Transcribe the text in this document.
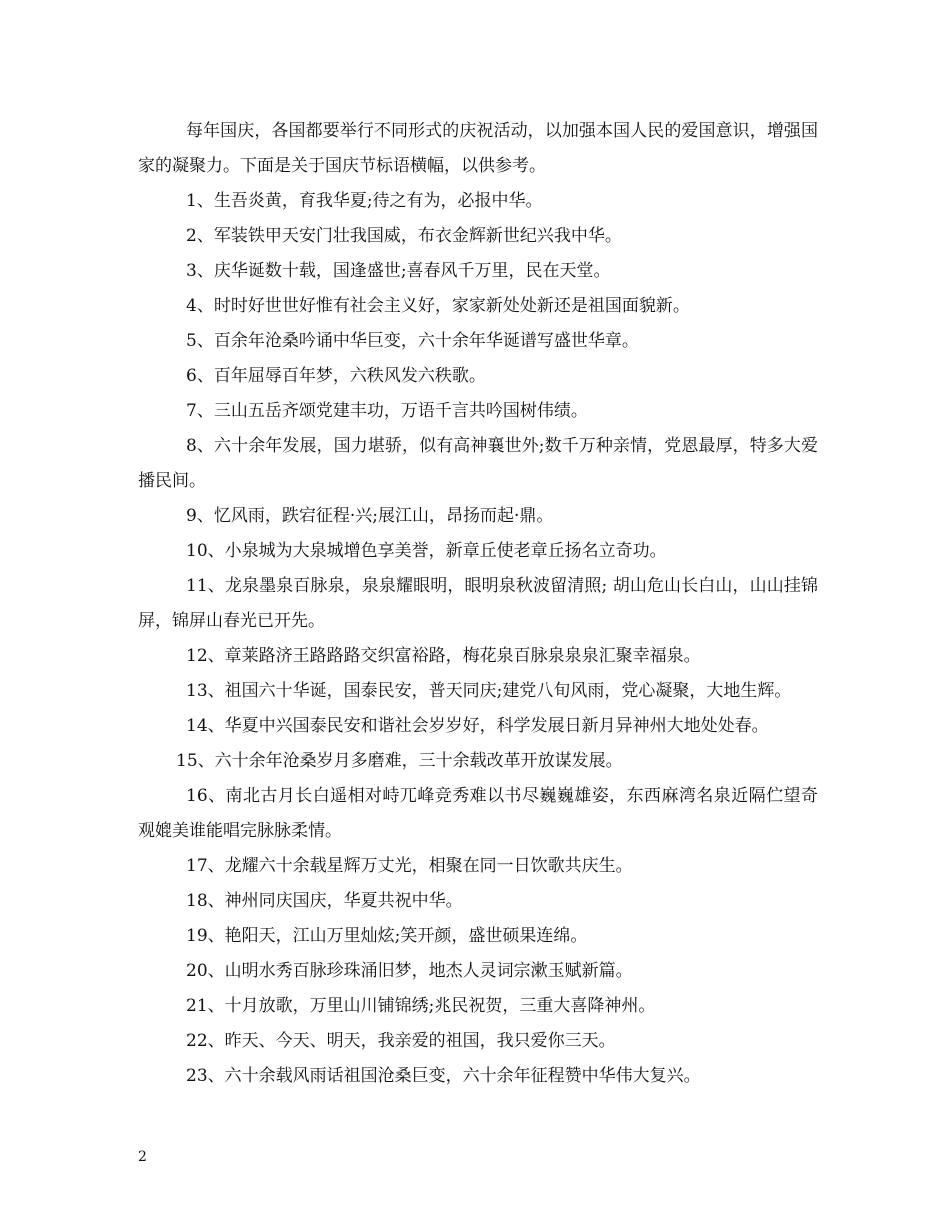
每年国庆，各国都要举行不同形式的庆祝活动，以加强本国人民的爱国意识，增强国家的凝聚力。下面是关于国庆节标语横幅，以供参考。

1、生吾炎黄，育我华夏;待之有为，必报中华。

2、军装铁甲天安门壮我国威，布衣金辉新世纪兴我中华。

3、庆华诞数十载，国逢盛世;喜春风千万里，民在天堂。

4、时时好世世好惟有社会主义好，家家新处处新还是祖国面貌新。

5、百余年沧桑吟诵中华巨变，六十余年华诞谱写盛世华章。

6、百年屈辱百年梦，六秩风发六秩歌。

7、三山五岳齐颂党建丰功，万语千言共吟国树伟绩。

8、六十余年发展，国力堪骄，似有高神襄世外;数千万种亲情，党恩最厚，特多大爱播民间。

9、忆风雨，跌宕征程·兴;展江山，昂扬而起·鼎。

10、小泉城为大泉城增色享美誉，新章丘使老章丘扬名立奇功。

11、龙泉墨泉百脉泉，泉泉耀眼明，眼明泉秋波留清照; 胡山危山长白山，山山挂锦屏，锦屏山春光已开先。

12、章莱路济王路路路交织富裕路，梅花泉百脉泉泉泉汇聚幸福泉。

13、祖国六十华诞，国泰民安，普天同庆;建党八旬风雨，党心凝聚，大地生辉。

14、华夏中兴国泰民安和谐社会岁岁好，科学发展日新月异神州大地处处春。

15、六十余年沧桑岁月多磨难，三十余载改革开放谋发展。

16、南北古月长白遥相对峙兀峰竞秀难以书尽巍巍雄姿，东西麻湾名泉近隔伫望奇观媲美谁能唱完脉脉柔情。

17、龙耀六十余载星辉万丈光，相聚在同一日饮歌共庆生。

18、神州同庆国庆，华夏共祝中华。

19、艳阳天，江山万里灿炫;笑开颜，盛世硕果连绵。

20、山明水秀百脉珍珠涌旧梦，地杰人灵词宗漱玉赋新篇。

21、十月放歌，万里山川铺锦绣;兆民祝贺，三重大喜降神州。

22、昨天、今天、明天，我亲爱的祖国，我只爱你三天。

23、六十余载风雨话祖国沧桑巨变，六十余年征程赞中华伟大复兴。

2
